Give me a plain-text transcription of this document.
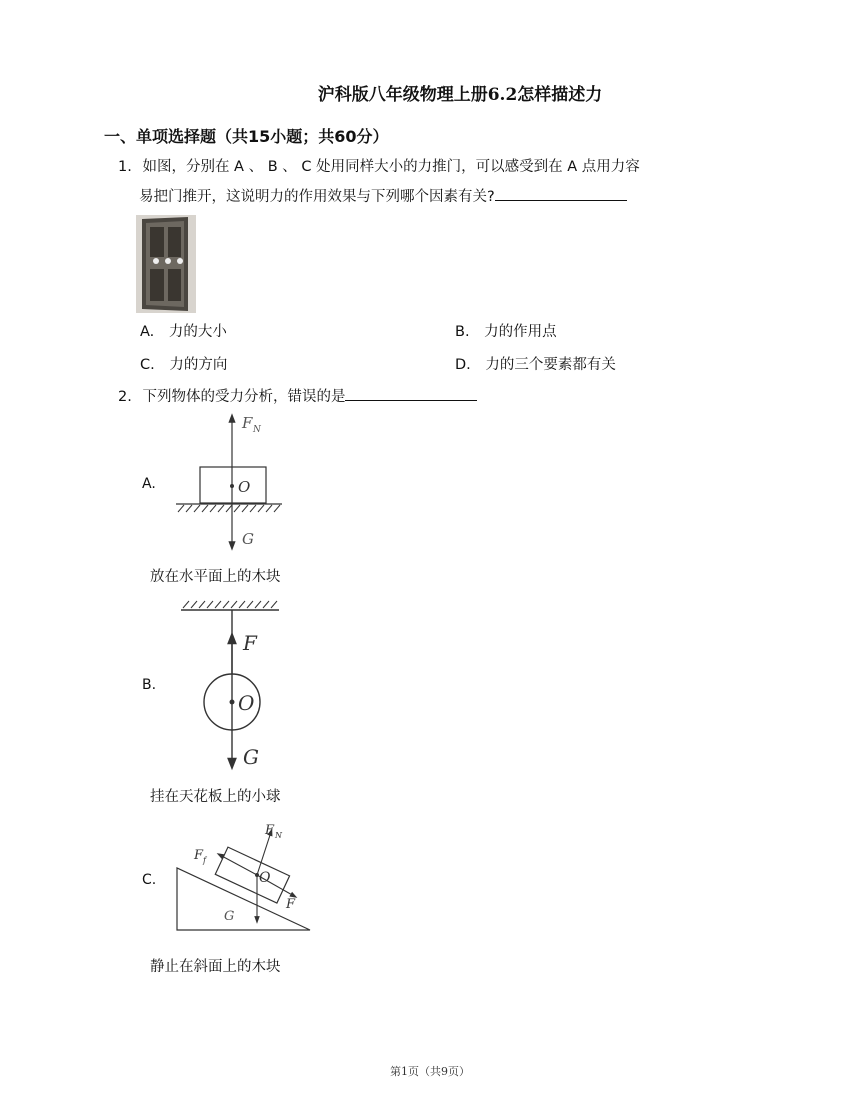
沪科版八年级物理上册6.2怎样描述力
一、单项选择题（共15小题；共60分）
1. 如图，分别在 A 、 B 、 C 处用同样大小的力推门，可以感受到在 A 点用力容
易把门推开，这说明力的作用效果与下列哪个因素有关?
A. 力的大小	B. 力的作用点
C. 力的方向	D. 力的三个要素都有关
2. 下列物体的受力分析，错误的是
A.
F N
O
G
放在水平面上的木块
B.
F
O
G
挂在天花板上的小球
C.
F N
F f
O
F
G
静止在斜面上的木块
第1页（共9页）
